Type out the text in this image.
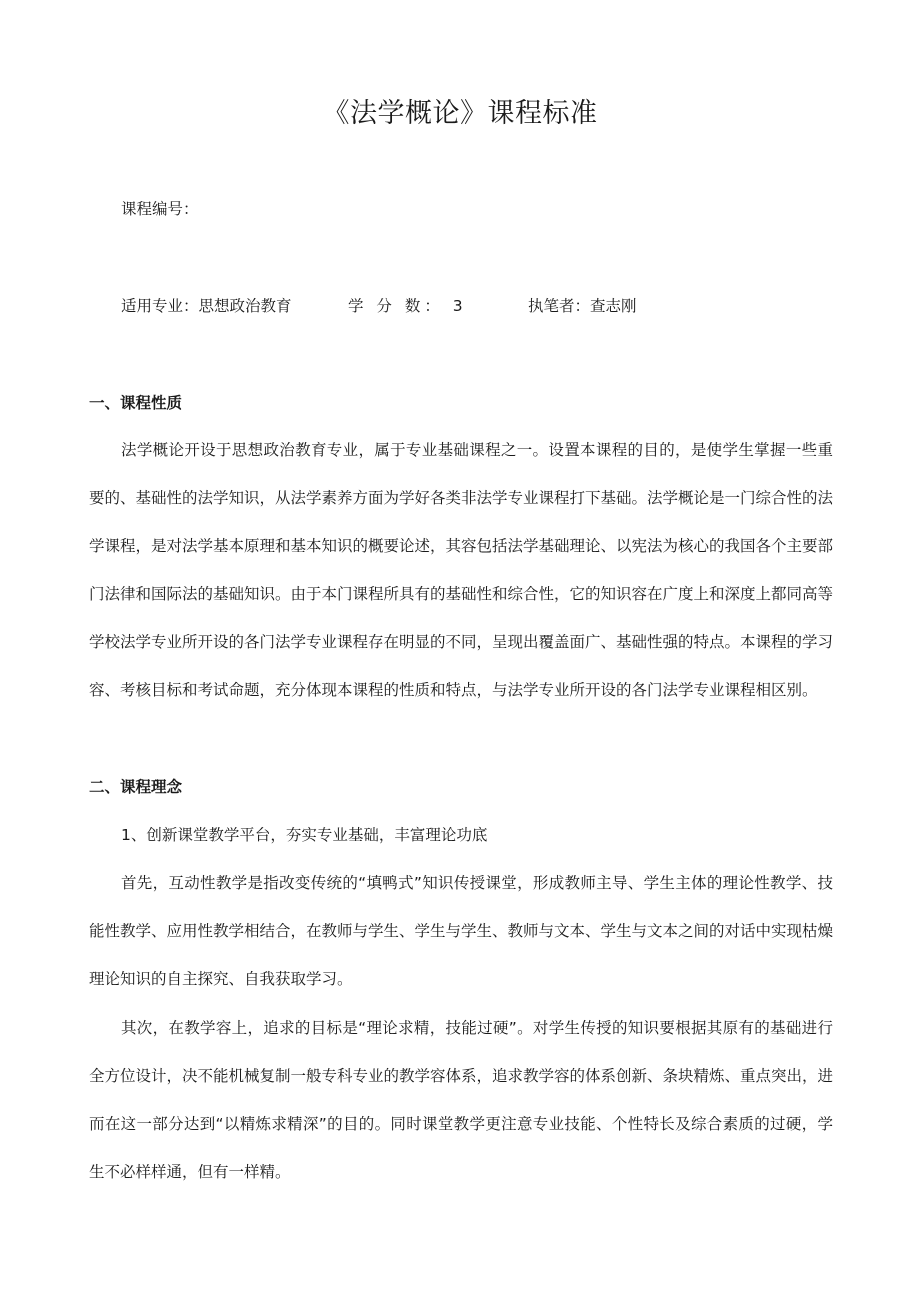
《法学概论》课程标准
课程编号：
适用专业：思想政治教育	学 分 数： 3	执笔者：查志刚
一、课程性质

法学概论开设于思想政治教育专业，属于专业基础课程之一。设置本课程的目的，是使学生掌握一些重要的、基础性的法学知识，从法学素养方面为学好各类非法学专业课程打下基础。法学概论是一门综合性的法学课程，是对法学基本原理和基本知识的概要论述，其容包括法学基础理论、以宪法为核心的我国各个主要部门法律和国际法的基础知识。由于本门课程所具有的基础性和综合性，它的知识容在广度上和深度上都同高等学校法学专业所开设的各门法学专业课程存在明显的不同，呈现出覆盖面广、基础性强的特点。本课程的学习容、考核目标和考试命题，充分体现本课程的性质和特点，与法学专业所开设的各门法学专业课程相区别。

二、课程理念

1、创新课堂教学平台，夯实专业基础，丰富理论功底

首先，互动性教学是指改变传统的“填鸭式”知识传授课堂，形成教师主导、学生主体的理论性教学、技能性教学、应用性教学相结合，在教师与学生、学生与学生、教师与文本、学生与文本之间的对话中实现枯燥理论知识的自主探究、自我获取学习。

其次，在教学容上，追求的目标是“理论求精，技能过硬”。对学生传授的知识要根据其原有的基础进行全方位设计，决不能机械复制一般专科专业的教学容体系，追求教学容的体系创新、条块精炼、重点突出，进而在这一部分达到“以精炼求精深”的目的。同时课堂教学更注意专业技能、个性特长及综合素质的过硬，学生不必样样通，但有一样精。
